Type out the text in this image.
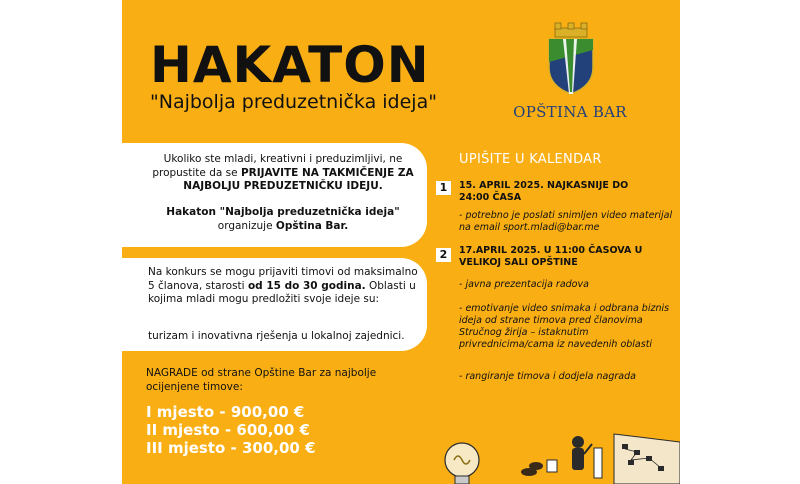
HAKATON
"Najbolja preduzetnička ideja"	OPŠTINA BAR

Ukoliko ste mladi, kreativni i preduzimljivi, ne propustite da se PRIJAVITE NA TAKMIČENJE ZA NAJBOLJU PREDUZETNIČKU IDEJU.

Hakaton "Najbolja preduzetnička ideja"
organizuje Opština Bar.

Na konkurs se mogu prijaviti timovi od maksimalno 5 članova, starosti od 15 do 30 godina. Oblasti u kojima mladi mogu predložiti svoje ideje su:

turizam i inovativna rješenja u lokalnoj zajednici.

NAGRADE od strane Opštine Bar za najbolje ocijenjene timove:
I mjesto - 900,00 €
II mjesto - 600,00 €
III mjesto - 300,00 €
UPIŠITE U KALENDAR
1	15. APRIL 2025. NAJKASNIJE DO 24:00 ČASA
- potrebno je poslati snimljen video materijal na email sport.mladi@bar.me
2	17.APRIL 2025. U 11:00 ČASOVA U VELIKOJ SALI OPŠTINE
- javna prezentacija radova
- emotivanje video snimaka i odbrana biznis ideja od strane timova pred članovima Stručnog žirija – istaknutim privrednicima/cama iz navedenih oblasti
- rangiranje timova i dodjela nagrada
